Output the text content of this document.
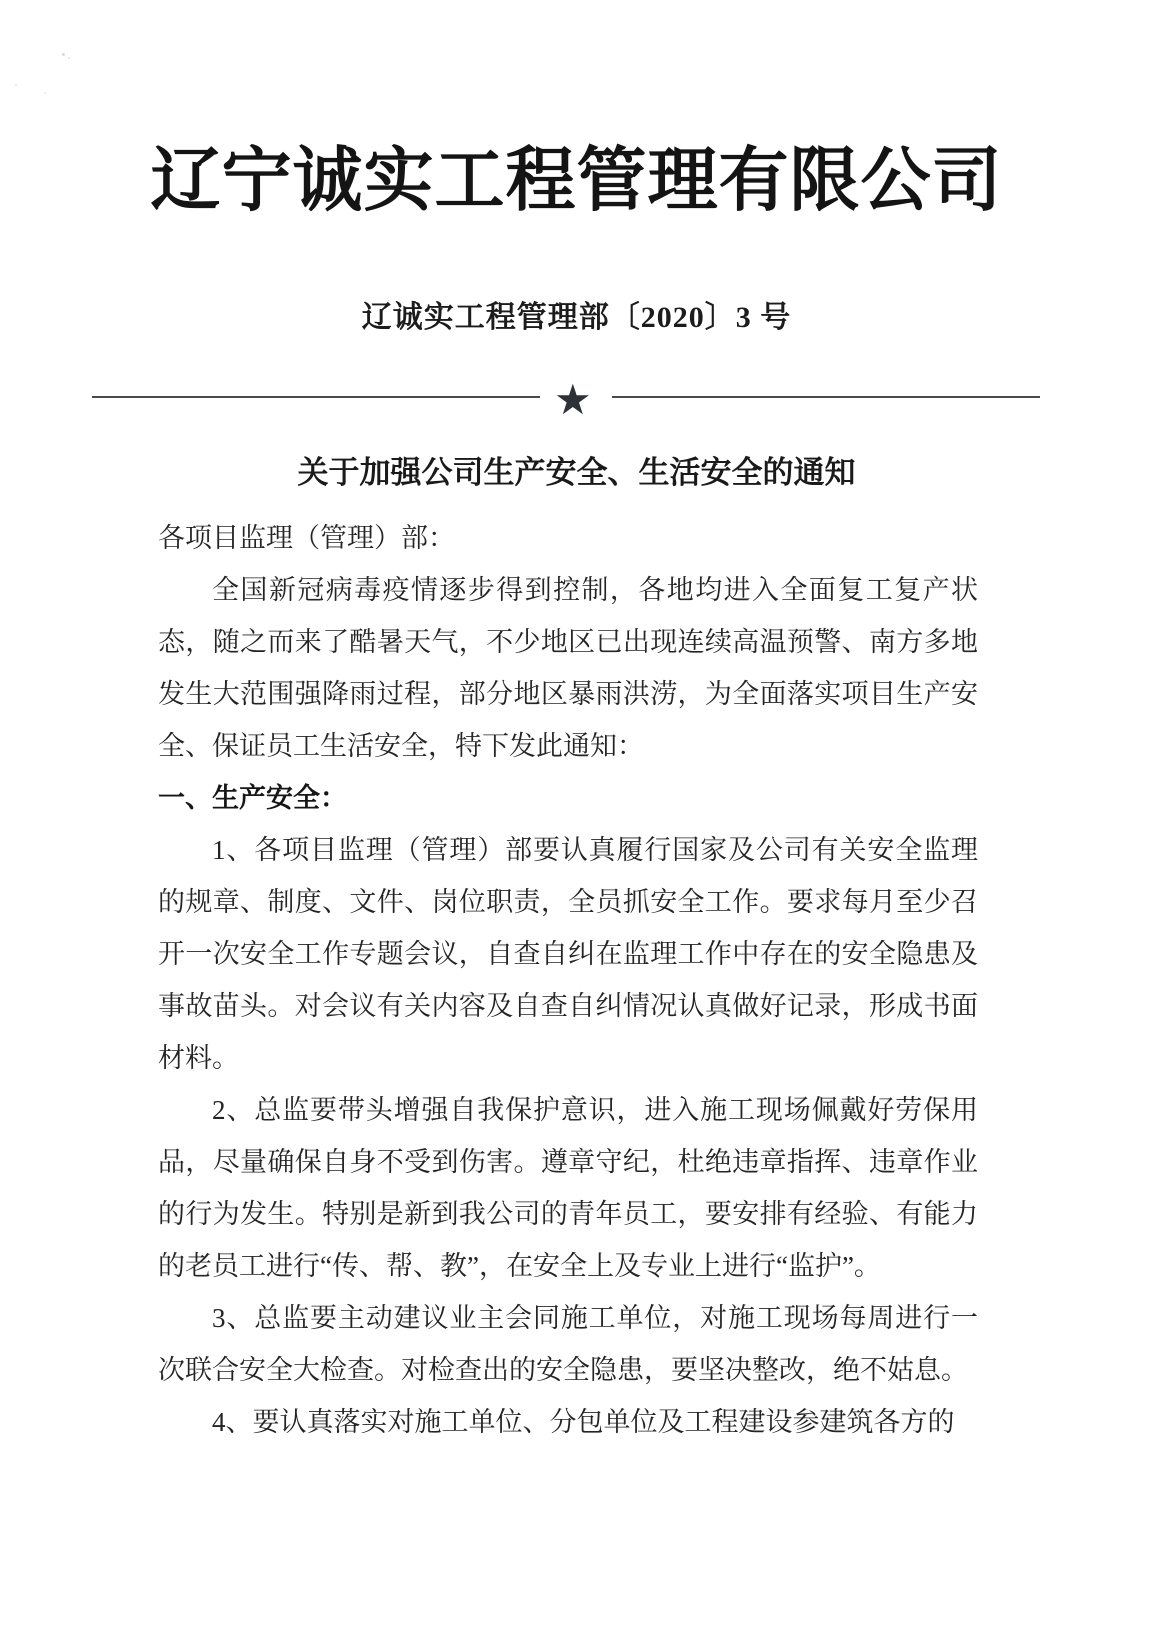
辽宁诚实工程管理有限公司
辽诚实工程管理部〔2020〕3 号
★
关于加强公司生产安全、生活安全的通知

各项目监理（管理）部：

全国新冠病毒疫情逐步得到控制，各地均进入全面复工复产状态，随之而来了酷暑天气，不少地区已出现连续高温预警、南方多地发生大范围强降雨过程，部分地区暴雨洪涝，为全面落实项目生产安全、保证员工生活安全，特下发此通知：

一、生产安全：

1、各项目监理（管理）部要认真履行国家及公司有关安全监理的规章、制度、文件、岗位职责，全员抓安全工作。要求每月至少召开一次安全工作专题会议，自查自纠在监理工作中存在的安全隐患及事故苗头。对会议有关内容及自查自纠情况认真做好记录，形成书面材料。

2、总监要带头增强自我保护意识，进入施工现场佩戴好劳保用品，尽量确保自身不受到伤害。遵章守纪，杜绝违章指挥、违章作业的行为发生。特别是新到我公司的青年员工，要安排有经验、有能力的老员工进行“传、帮、教”，在安全上及专业上进行“监护”。

3、总监要主动建议业主会同施工单位，对施工现场每周进行一次联合安全大检查。对检查出的安全隐患，要坚决整改，绝不姑息。

4、要认真落实对施工单位、分包单位及工程建设参建筑各方的
